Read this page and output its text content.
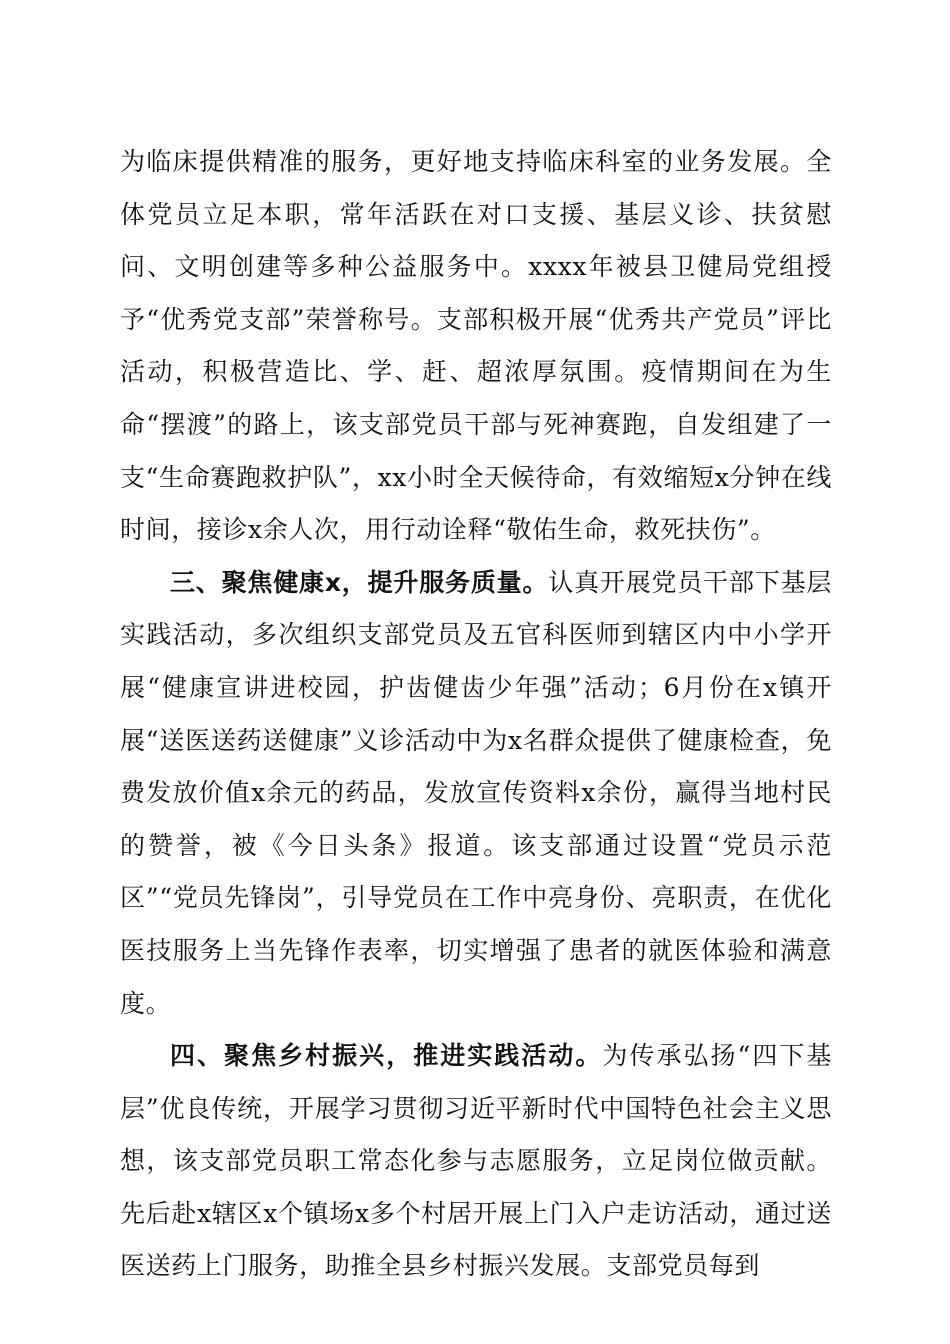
为临床提供精准的服务，更好地支持临床科室的业务发展。全体党员立足本职，常年活跃在对口支援、基层义诊、扶贫慰问、文明创建等多种公益服务中。xxxx年被县卫健局党组授予“优秀党支部”荣誉称号。支部积极开展“优秀共产党员”评比活动，积极营造比、学、赶、超浓厚氛围。疫情期间在为生命“摆渡”的路上，该支部党员干部与死神赛跑，自发组建了一支“生命赛跑救护队”，xx小时全天候待命，有效缩短x分钟在线时间，接诊x余人次，用行动诠释“敬佑生命，救死扶伤”。

三、聚焦健康x，提升服务质量。认真开展党员干部下基层实践活动，多次组织支部党员及五官科医师到辖区内中小学开展“健康宣讲进校园，护齿健齿少年强”活动；6月份在x镇开展“送医送药送健康”义诊活动中为x名群众提供了健康检查，免费发放价值x余元的药品，发放宣传资料x余份，赢得当地村民的赞誉，被《今日头条》报道。该支部通过设置“党员示范区”“党员先锋岗”，引导党员在工作中亮身份、亮职责，在优化医技服务上当先锋作表率，切实增强了患者的就医体验和满意度。

四、聚焦乡村振兴，推进实践活动。为传承弘扬“四下基层”优良传统，开展学习贯彻习近平新时代中国特色社会主义思想，该支部党员职工常态化参与志愿服务，立足岗位做贡献。先后赴x辖区x个镇场x多个村居开展上门入户走访活动，通过送医送药上门服务，助推全县乡村振兴发展。支部党员每到
